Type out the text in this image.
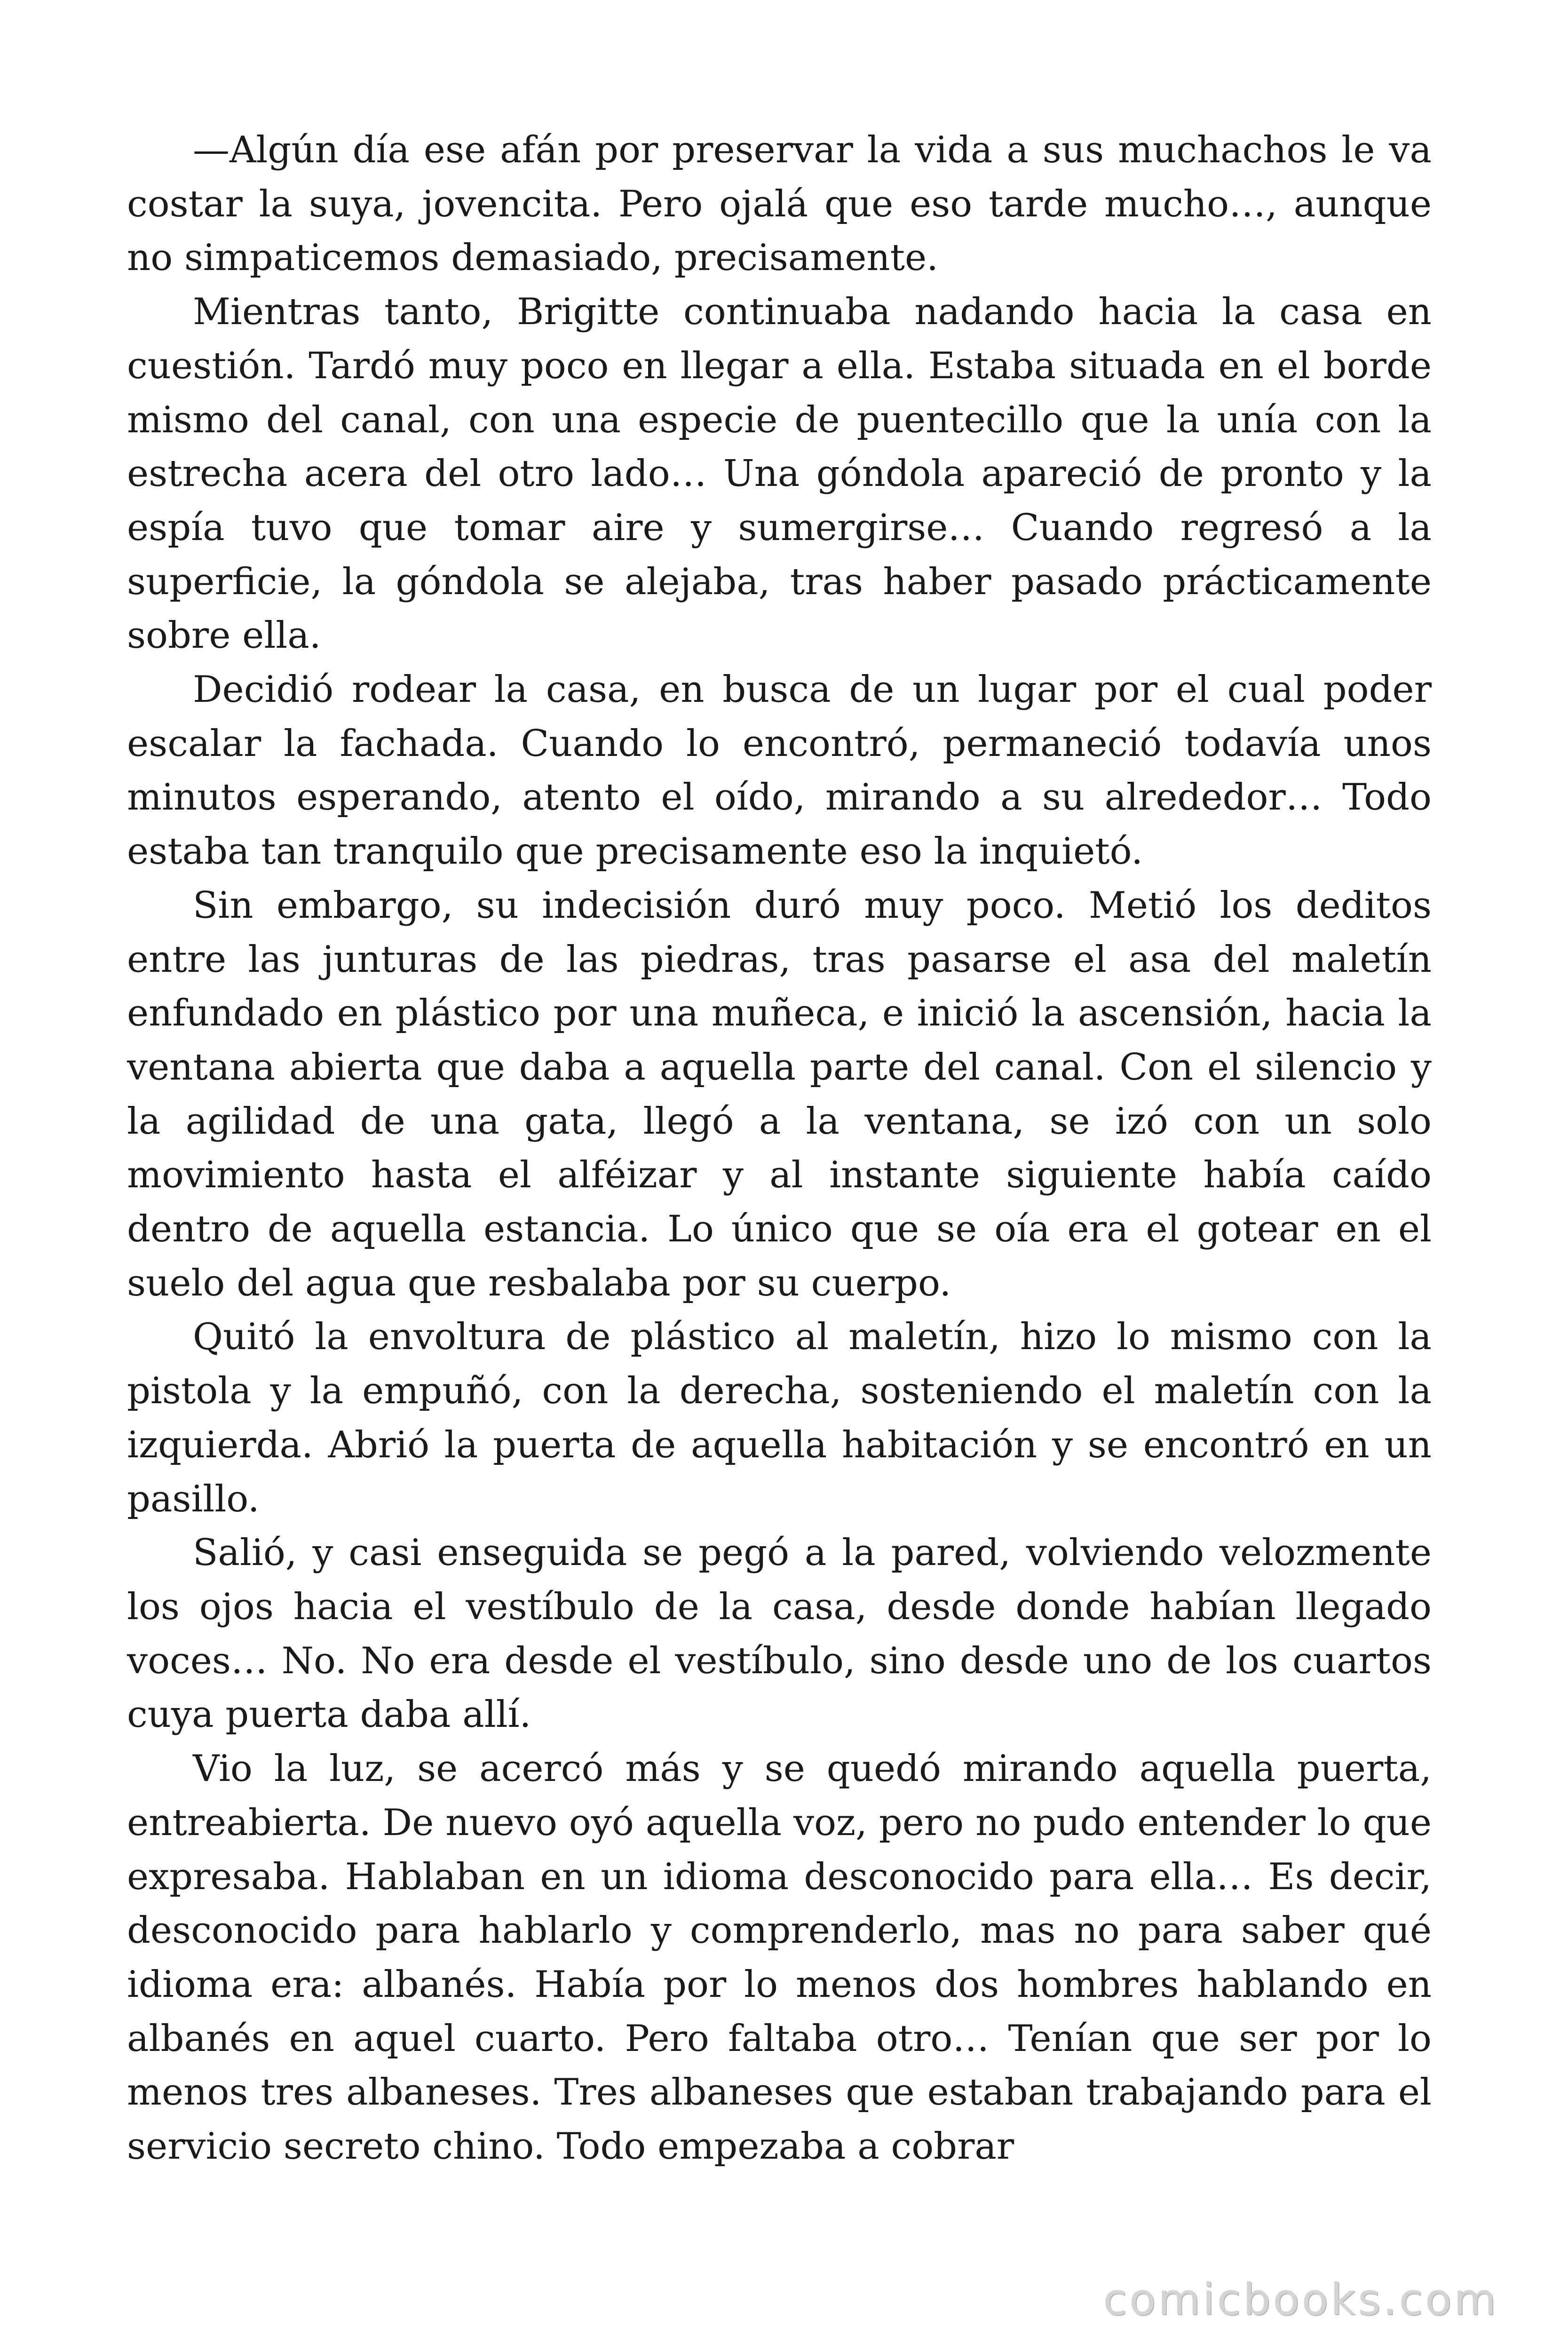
—Algún día ese afán por preservar la vida a sus muchachos le va costar la suya, jovencita. Pero ojalá que eso tarde mucho…, aunque no simpaticemos demasiado, precisamente.

Mientras tanto, Brigitte continuaba nadando hacia la casa en cuestión. Tardó muy poco en llegar a ella. Estaba situada en el borde mismo del canal, con una especie de puentecillo que la unía con la estrecha acera del otro lado… Una góndola apareció de pronto y la espía tuvo que tomar aire y sumergirse… Cuando regresó a la superficie, la góndola se alejaba, tras haber pasado prácticamente sobre ella.

Decidió rodear la casa, en busca de un lugar por el cual poder escalar la fachada. Cuando lo encontró, permaneció todavía unos minutos esperando, atento el oído, mirando a su alrededor… Todo estaba tan tranquilo que precisamente eso la inquietó.

Sin embargo, su indecisión duró muy poco. Metió los deditos entre las junturas de las piedras, tras pasarse el asa del maletín enfundado en plástico por una muñeca, e inició la ascensión, hacia la ventana abierta que daba a aquella parte del canal. Con el silencio y la agilidad de una gata, llegó a la ventana, se izó con un solo movimiento hasta el alféizar y al instante siguiente había caído dentro de aquella estancia. Lo único que se oía era el gotear en el suelo del agua que resbalaba por su cuerpo.

Quitó la envoltura de plástico al maletín, hizo lo mismo con la pistola y la empuñó, con la derecha, sosteniendo el maletín con la izquierda. Abrió la puerta de aquella habitación y se encontró en un pasillo.

Salió, y casi enseguida se pegó a la pared, volviendo velozmente los ojos hacia el vestíbulo de la casa, desde donde habían llegado voces… No. No era desde el vestíbulo, sino desde uno de los cuartos cuya puerta daba allí.

Vio la luz, se acercó más y se quedó mirando aquella puerta, entreabierta. De nuevo oyó aquella voz, pero no pudo entender lo que expresaba. Hablaban en un idioma desconocido para ella… Es decir, desconocido para hablarlo y comprenderlo, mas no para saber qué idioma era: albanés. Había por lo menos dos hombres hablando en albanés en aquel cuarto. Pero faltaba otro… Tenían que ser por lo menos tres albaneses. Tres albaneses que estaban trabajando para el servicio secreto chino. Todo empezaba a cobrar

comicbooks.com
